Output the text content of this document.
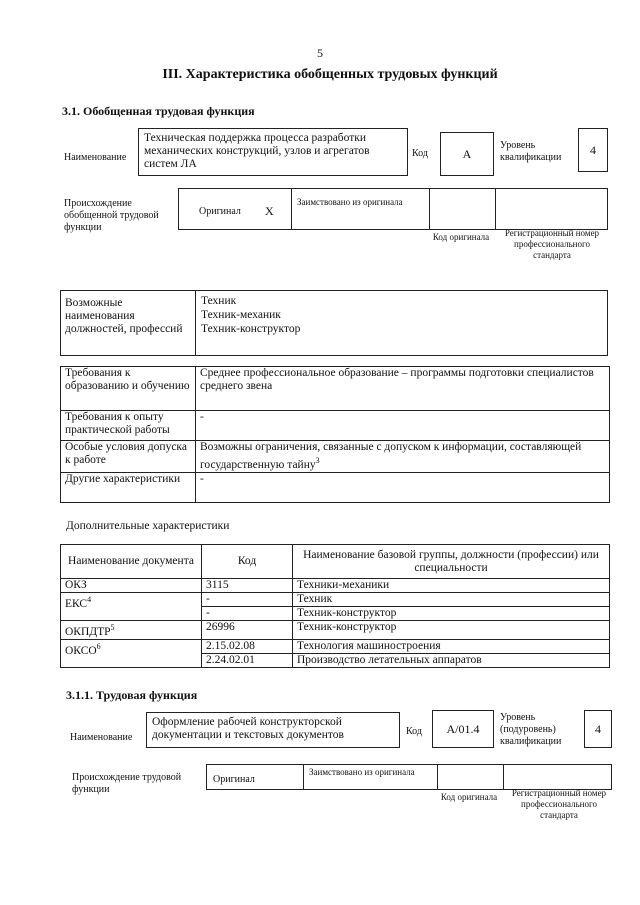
5
III. Характеристика обобщенных трудовых функций
3.1. Обобщенная трудовая функция
Наименование
Техническая поддержка процесса разработки механических конструкций, узлов и агрегатов систем ЛА
Код	A
Уровень квалификации
4
Происхождение обобщенной трудовой функции
Оригинал X
Заимствовано из оригинала
Код оригинала	Регистрационный номер профессионального стандарта
Возможные наименования должностей, профессий
Техник
Техник-механик
Техник-конструктор
Требования к образованию и обучению	Среднее профессиональное образование – программы подготовки специалистов среднего звена
Требования к опыту практической работы	-
Особые условия допуска к работе	Возможны ограничения, связанные с допуском к информации, составляющей государственную тайну$^3$
Другие характеристики	-
Дополнительные характеристики
Наименование документа	Код	Наименование базовой группы, должности (профессии) или специальности
ОКЗ	3115	Техники-механики
ЕКС$^4$	-	Техник
	-	Техник-конструктор
ОКПДТР$^5$	26996	Техник-конструктор
ОКСО$^6$	2.15.02.08	Технология машиностроения
	2.24.02.01	Производство летательных аппаратов
3.1.1. Трудовая функция
Наименование
Оформление рабочей конструкторской документации и текстовых документов	Код	A/01.4
Уровень (подуровень) квалификации
4
Происхождение трудовой функции
Оригинал
Заимствовано из оригинала
Код оригинала	Регистрационный номер профессионального стандарта
